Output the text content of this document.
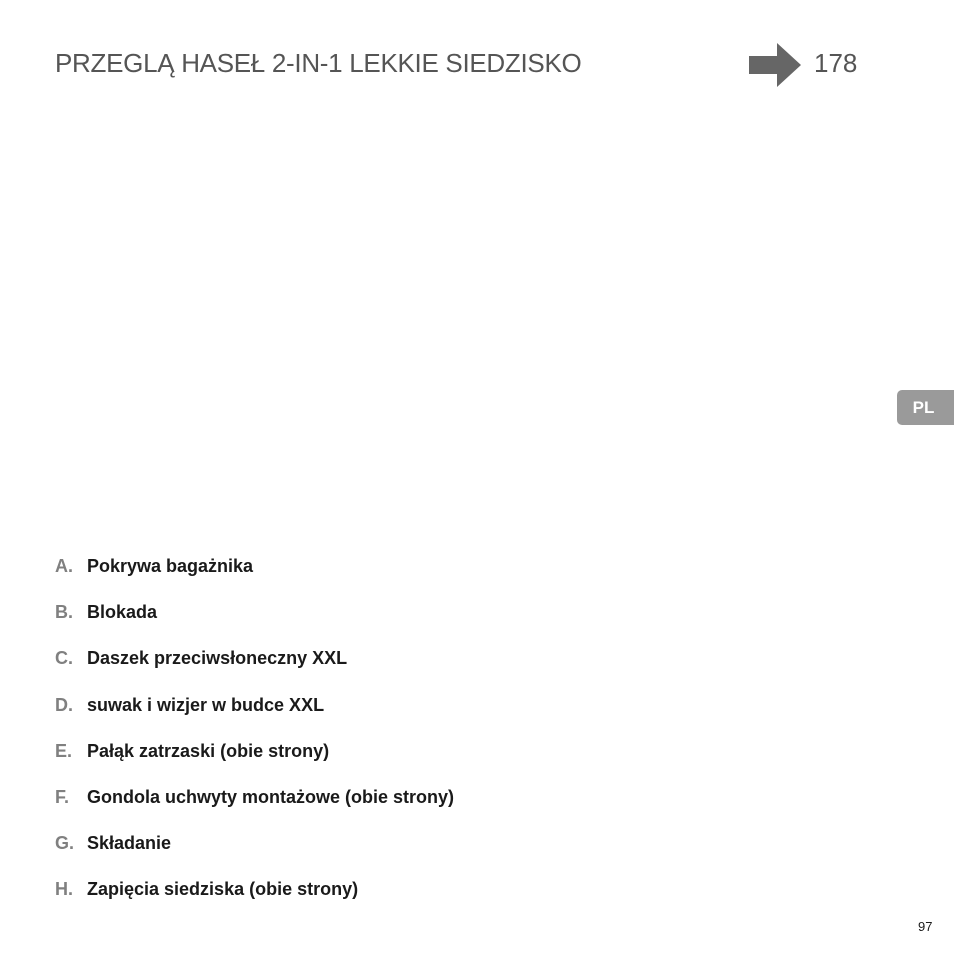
PRZEGLĄ HASEŁ 2-IN-1 LEKKIE SIEDZISKO	178
PL
A. Pokrywa bagażnika
B. Blokada
C. Daszek przeciwsłoneczny XXL
D. suwak i wizjer w budce XXL
E. Pałąk zatrzaski (obie strony)
F. Gondola uchwyty montażowe (obie strony)
G. Składanie
H. Zapięcia siedziska (obie strony)
97
